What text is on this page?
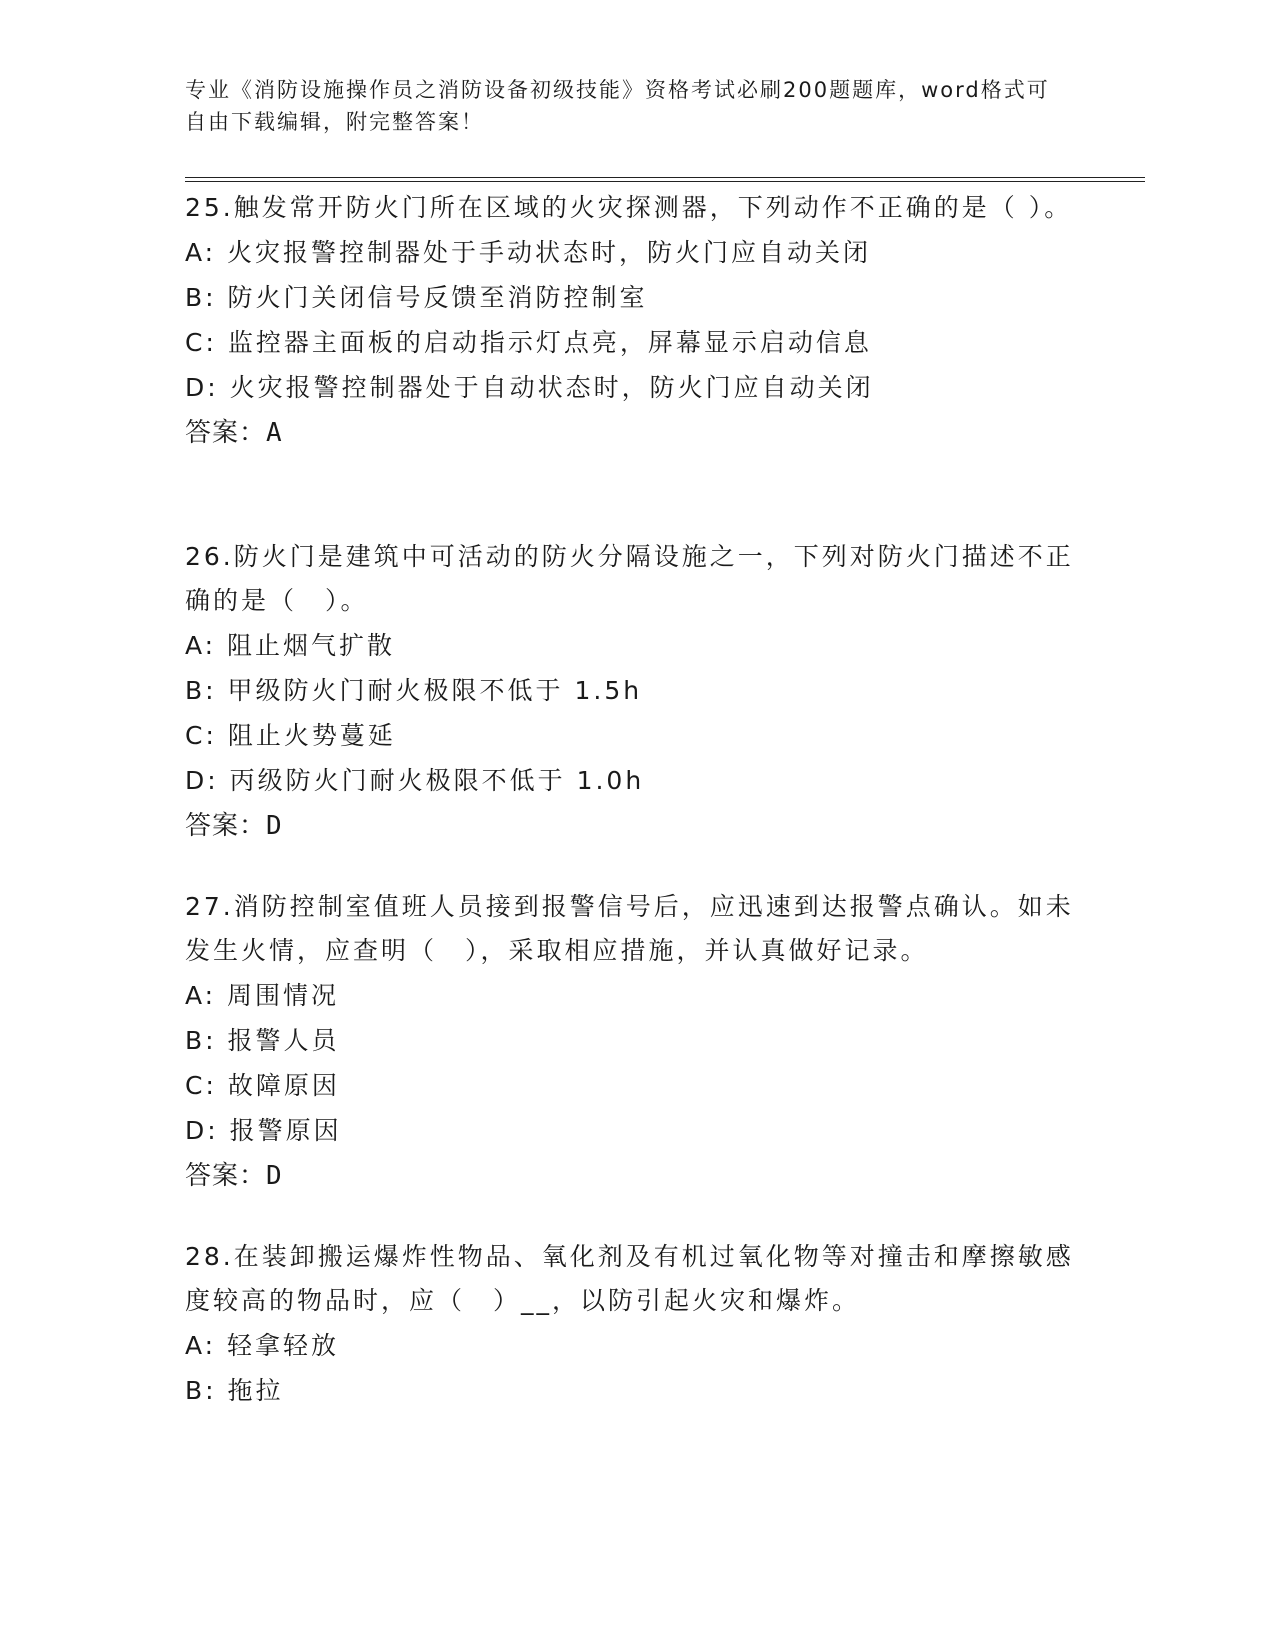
专业《消防设施操作员之消防设备初级技能》资格考试必刷200题题库，word格式可自由下载编辑，附完整答案！

25.触发常开防火门所在区域的火灾探测器，下列动作不正确的是（ ）。

A: 火灾报警控制器处于手动状态时，防火门应自动关闭

B: 防火门关闭信号反馈至消防控制室

C: 监控器主面板的启动指示灯点亮，屏幕显示启动信息

D: 火灾报警控制器处于自动状态时，防火门应自动关闭

答案：A

26.防火门是建筑中可活动的防火分隔设施之一，下列对防火门描述不正确的是（　）。

A: 阻止烟气扩散

B: 甲级防火门耐火极限不低于 1.5h

C: 阻止火势蔓延

D: 丙级防火门耐火极限不低于 1.0h

答案：D

27.消防控制室值班人员接到报警信号后，应迅速到达报警点确认。如未发生火情，应查明（　），采取相应措施，并认真做好记录。

A: 周围情况

B: 报警人员

C: 故障原因

D: 报警原因

答案：D

28.在装卸搬运爆炸性物品、氧化剂及有机过氧化物等对撞击和摩擦敏感度较高的物品时，应（　）__，以防引起火灾和爆炸。

A: 轻拿轻放

B: 拖拉
